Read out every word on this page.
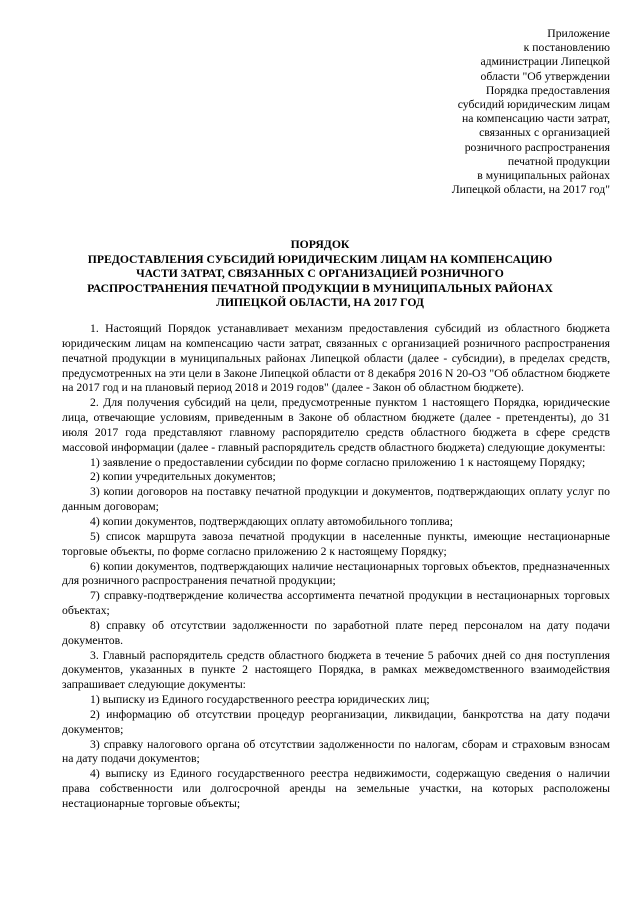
Приложение
к постановлению
администрации Липецкой
области "Об утверждении
Порядка предоставления
субсидий юридическим лицам
на компенсацию части затрат,
связанных с организацией
розничного распространения
печатной продукции
в муниципальных районах
Липецкой области, на 2017 год"
ПОРЯДОК
ПРЕДОСТАВЛЕНИЯ СУБСИДИЙ ЮРИДИЧЕСКИМ ЛИЦАМ НА КОМПЕНСАЦИЮ
ЧАСТИ ЗАТРАТ, СВЯЗАННЫХ С ОРГАНИЗАЦИЕЙ РОЗНИЧНОГО
РАСПРОСТРАНЕНИЯ ПЕЧАТНОЙ ПРОДУКЦИИ В МУНИЦИПАЛЬНЫХ РАЙОНАХ
ЛИПЕЦКОЙ ОБЛАСТИ, НА 2017 ГОД

1. Настоящий Порядок устанавливает механизм предоставления субсидий из областного бюджета юридическим лицам на компенсацию части затрат, связанных с организацией розничного распространения печатной продукции в муниципальных районах Липецкой области (далее - субсидии), в пределах средств, предусмотренных на эти цели в Законе Липецкой области от 8 декабря 2016 N 20-ОЗ "Об областном бюджете на 2017 год и на плановый период 2018 и 2019 годов" (далее - Закон об областном бюджете).

2. Для получения субсидий на цели, предусмотренные пунктом 1 настоящего Порядка, юридические лица, отвечающие условиям, приведенным в Законе об областном бюджете (далее - претенденты), до 31 июля 2017 года представляют главному распорядителю средств областного бюджета в сфере средств массовой информации (далее - главный распорядитель средств областного бюджета) следующие документы:

1) заявление о предоставлении субсидии по форме согласно приложению 1 к настоящему Порядку;

2) копии учредительных документов;

3) копии договоров на поставку печатной продукции и документов, подтверждающих оплату услуг по данным договорам;

4) копии документов, подтверждающих оплату автомобильного топлива;

5) список маршрута завоза печатной продукции в населенные пункты, имеющие нестационарные торговые объекты, по форме согласно приложению 2 к настоящему Порядку;

6) копии документов, подтверждающих наличие нестационарных торговых объектов, предназначенных для розничного распространения печатной продукции;

7) справку-подтверждение количества ассортимента печатной продукции в нестационарных торговых объектах;

8) справку об отсутствии задолженности по заработной плате перед персоналом на дату подачи документов.

3. Главный распорядитель средств областного бюджета в течение 5 рабочих дней со дня поступления документов, указанных в пункте 2 настоящего Порядка, в рамках межведомственного взаимодействия запрашивает следующие документы:

1) выписку из Единого государственного реестра юридических лиц;

2) информацию об отсутствии процедур реорганизации, ликвидации, банкротства на дату подачи документов;

3) справку налогового органа об отсутствии задолженности по налогам, сборам и страховым взносам на дату подачи документов;

4) выписку из Единого государственного реестра недвижимости, содержащую сведения о наличии права собственности или долгосрочной аренды на земельные участки, на которых расположены нестационарные торговые объекты;
